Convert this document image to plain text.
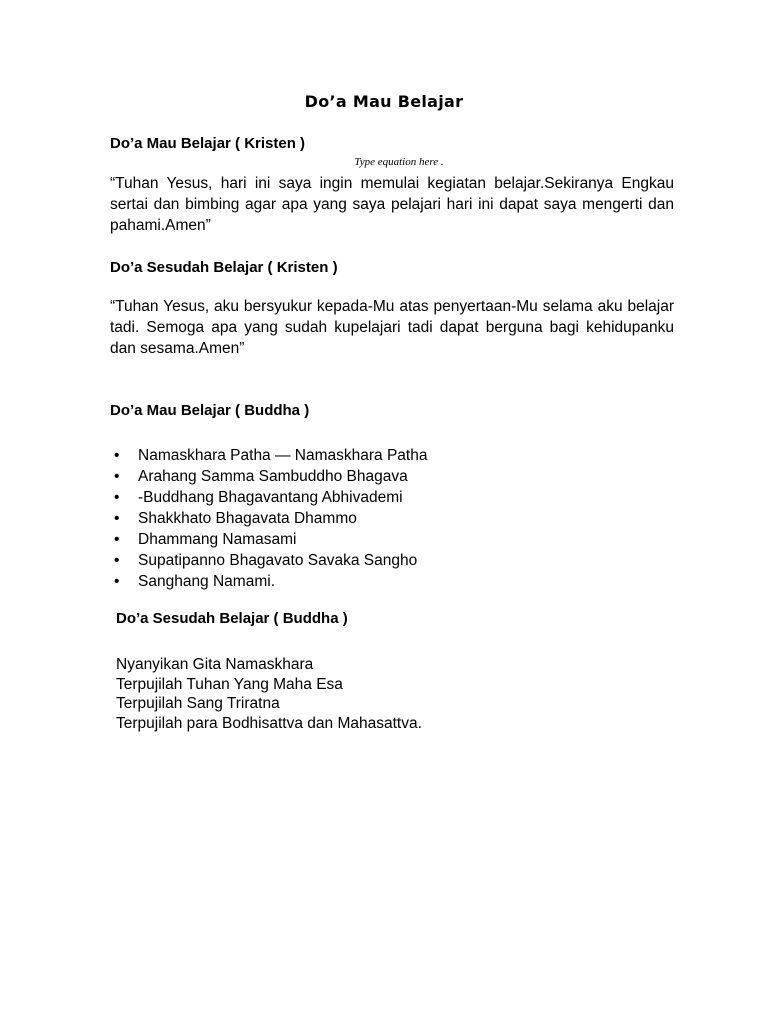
Do’a Mau Belajar
Do’a Mau Belajar ( Kristen )
Type equation here .
“Tuhan Yesus, hari ini saya ingin memulai kegiatan belajar.Sekiranya Engkau sertai dan bimbing agar apa yang saya pelajari hari ini dapat saya mengerti dan pahami.Amen”
Do’a Sesudah Belajar ( Kristen )
“Tuhan Yesus, aku bersyukur kepada-Mu atas penyertaan-Mu selama aku belajar tadi. Semoga apa yang sudah kupelajari tadi dapat berguna bagi kehidupanku dan sesama.Amen”
Do’a Mau Belajar ( Buddha )
• Namaskhara Patha — Namaskhara Patha
• Arahang Samma Sambuddho Bhagava
• -Buddhang Bhagavantang Abhivademi
• Shakkhato Bhagavata Dhammo
• Dhammang Namasami
• Supatipanno Bhagavato Savaka Sangho
• Sanghang Namami.
Do’a Sesudah Belajar ( Buddha )
Nyanyikan Gita Namaskhara
Terpujilah Tuhan Yang Maha Esa
Terpujilah Sang Triratna
Terpujilah para Bodhisattva dan Mahasattva.
